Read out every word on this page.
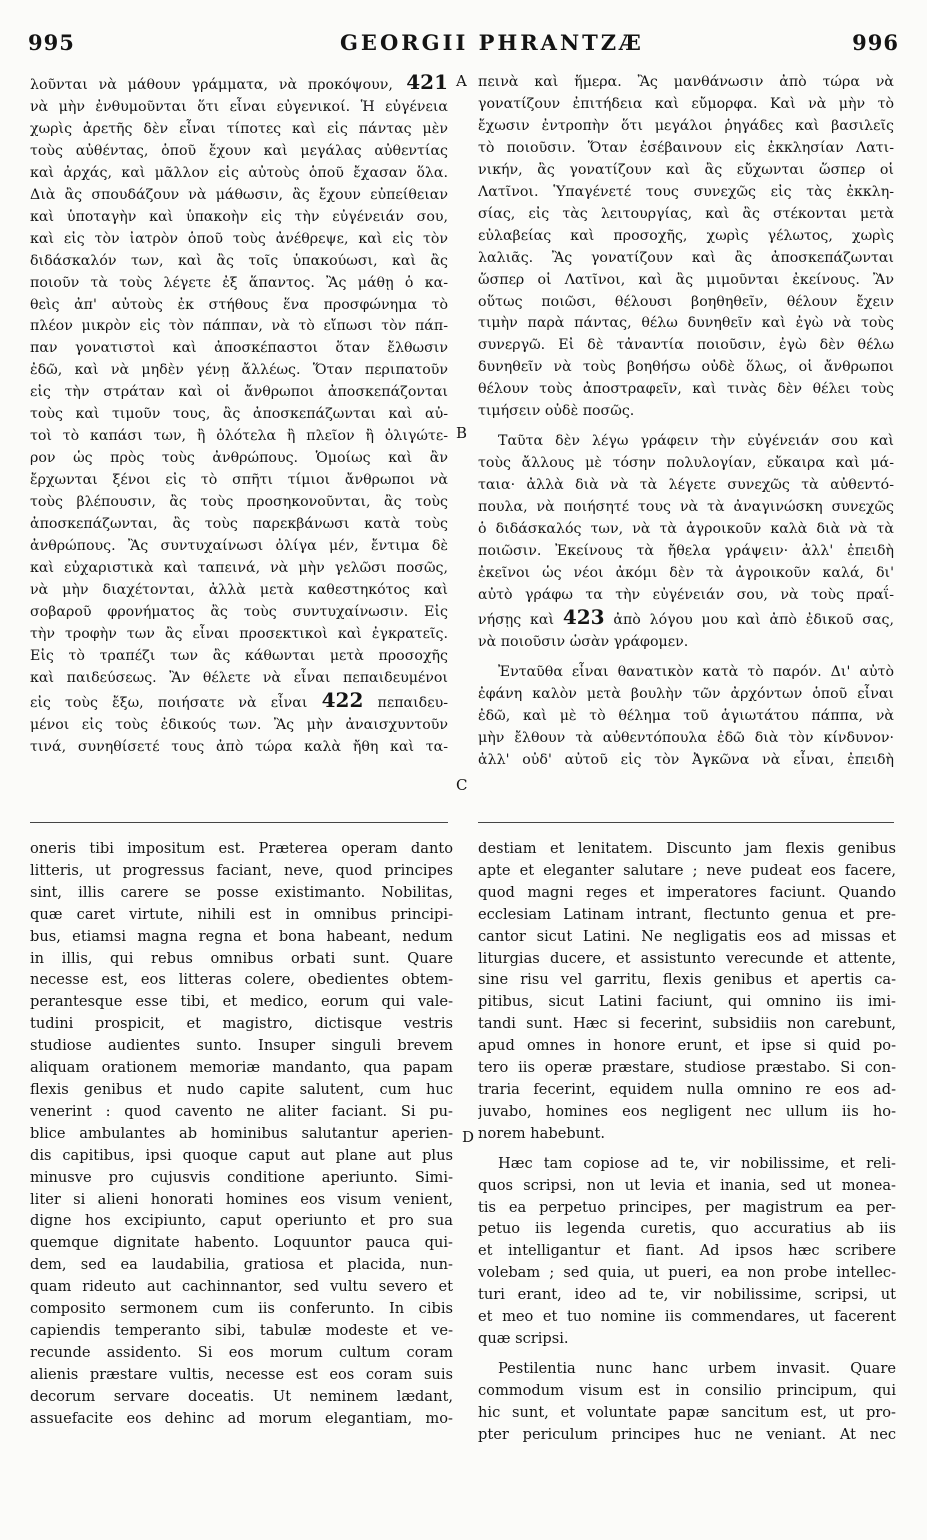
995	GEORGII PHRANTZÆ	996
λοῦνται νὰ μάθουν γράμματα, νὰ προκόψουν, 421
νὰ μὴν ἐνθυμοῦνται ὅτι εἶναι εὐγενικοί. Ἡ εὐγένεια
χωρὶς ἀρετῆς δὲν εἶναι τίποτες καὶ εἰς πάντας μὲν
τοὺς αὐθέντας, ὁποῦ ἔχουν καὶ μεγάλας αὐθεντίας
καὶ ἀρχάς, καὶ μᾶλλον εἰς αὐτοὺς ὁποῦ ἔχασαν ὅλα.
Διὰ ἂς σπουδάζουν νὰ μάθωσιν, ἂς ἔχουν εὐπείθειαν
καὶ ὑποταγὴν καὶ ὑπακοὴν εἰς τὴν εὐγένειάν σου,
καὶ εἰς τὸν ἰατρὸν ὁποῦ τοὺς ἀνέθρεψε, καὶ εἰς τὸν
διδάσκαλόν των, καὶ ἂς τοῖς ὑπακούωσι, καὶ ἂς
ποιοῦν τὰ τοὺς λέγετε ἐξ ἅπαντος. Ἂς μάθῃ ὁ κα-
θεὶς ἀπ' αὐτοὺς ἐκ στήθους ἕνα προσφώνημα τὸ
πλέον μικρὸν εἰς τὸν πάππαν, νὰ τὸ εἴπωσι τὸν πάπ-
παν γονατιστοὶ καὶ ἀποσκέπαστοι ὅταν ἔλθωσιν
ἐδῶ, καὶ νὰ μηδὲν γένῃ ἄλλέως. Ὅταν περιπατοῦν
εἰς τὴν στράταν καὶ οἱ ἄνθρωποι ἀποσκεπάζονται
τοὺς καὶ τιμοῦν τους, ἂς ἀποσκεπάζωνται καὶ αὐ-
τοὶ τὸ καπάσι των, ἢ ὁλότελα ἢ πλεῖον ἢ ὀλιγώτε-
ρον ὡς πρὸς τοὺς ἀνθρώπους. Ὁμοίως καὶ ἂν
ἔρχωνται ξένοι εἰς τὸ σπῆτι τίμιοι ἄνθρωποι νὰ
τοὺς βλέπουσιν, ἂς τοὺς προσηκονοῦνται, ἂς τοὺς
ἀποσκεπάζωνται, ἂς τοὺς παρεκβάνωσι κατὰ τοὺς
ἀνθρώπους. Ἂς συντυχαίνωσι ὀλίγα μέν, ἔντιμα δὲ
καὶ εὐχαριστικὰ καὶ ταπεινά, νὰ μὴν γελῶσι ποσῶς,
νὰ μὴν διαχέτονται, ἀλλὰ μετὰ καθεστηκότος καὶ
σοβαροῦ φρονήματος ἂς τοὺς συντυχαίνωσιν. Εἰς
τὴν τροφὴν των ἂς εἶναι προσεκτικοὶ καὶ ἐγκρατεῖς.
Εἰς τὸ τραπέζι των ἂς κάθωνται μετὰ προσοχῆς
καὶ παιδεύσεως. Ἂν θέλετε νὰ εἶναι πεπαιδευμένοι
εἰς τοὺς ἔξω, ποιήσατε νὰ εἶναι 422 πεπαιδευ-
μένοι εἰς τοὺς ἐδικούς των. Ἂς μὴν ἀναισχυντοῦν
τινά, συνηθίσετέ τους ἀπὸ τώρα καλὰ ἤθη καὶ τα-
πεινὰ καὶ ἥμερα. Ἂς μανθάνωσιν ἀπὸ τώρα νὰ
γονατίζουν ἐπιτήδεια καὶ εὔμορφα. Καὶ νὰ μὴν τὸ
ἔχωσιν ἐντροπὴν ὅτι μεγάλοι ῥηγάδες καὶ βασιλεῖς
τὸ ποιοῦσιν. Ὅταν ἐσέβαινουν εἰς ἐκκλησίαν Λατι-
νικήν, ἂς γονατίζουν καὶ ἂς εὔχωνται ὥσπερ οἱ
Λατῖνοι. Ὑπαγένετέ τους συνεχῶς εἰς τὰς ἐκκλη-
σίας, εἰς τὰς λειτουργίας, καὶ ἂς στέκονται μετὰ
εὐλαβείας καὶ προσοχῆς, χωρὶς γέλωτος, χωρὶς
λαλιᾶς. Ἂς γονατίζουν καὶ ἂς ἀποσκεπάζωνται
ὥσπερ οἱ Λατῖνοι, καὶ ἂς μιμοῦνται ἐκείνους. Ἂν
οὕτως ποιῶσι, θέλουσι βοηθηθεῖν, θέλουν ἔχειν
τιμὴν παρὰ πάντας, θέλω δυνηθεῖν καὶ ἐγὼ νὰ τοὺς
συνεργῶ. Εἰ δὲ τἀναντία ποιοῦσιν, ἐγὼ δὲν θέλω
δυνηθεῖν νὰ τοὺς βοηθήσω οὐδὲ ὅλως, οἱ ἄνθρωποι
θέλουν τοὺς ἀποστραφεῖν, καὶ τινὰς δὲν θέλει τοὺς
τιμήσειν οὐδὲ ποσῶς.
Ταῦτα δὲν λέγω γράφειν τὴν εὐγένειάν σου καὶ
τοὺς ἄλλους μὲ τόσην πολυλογίαν, εὔκαιρα καὶ μά-
ταια· ἀλλὰ διὰ νὰ τὰ λέγετε συνεχῶς τὰ αὐθεντό-
πουλα, νὰ ποιήσητέ τους νὰ τὰ ἀναγινώσκη συνεχῶς
ὁ διδάσκαλός των, νὰ τὰ ἀγροικοῦν καλὰ διὰ νὰ τὰ
ποιῶσιν. Ἐκείνους τὰ ἤθελα γράψειν· ἀλλ' ἐπειδὴ
ἐκεῖνοι ὡς νέοι ἀκόμι δὲν τὰ ἀγροικοῦν καλά, δι'
αὐτὸ γράφω τα τὴν εὐγένειάν σου, νὰ τοὺς πραΐ-
νήσῃς καὶ 423 ἀπὸ λόγου μου καὶ ἀπὸ ἐδικοῦ σας,
νὰ ποιοῦσιν ὡσὰν γράφομεν.
Ἐνταῦθα εἶναι θανατικὸν κατὰ τὸ παρόν. Δι' αὐτὸ
ἐφάνη καλὸν μετὰ βουλὴν τῶν ἀρχόντων ὁποῦ εἶναι
ἐδῶ, καὶ μὲ τὸ θέλημα τοῦ ἁγιωτάτου πάππα, νὰ
μὴν ἔλθουν τὰ αὐθεντόπουλα ἐδῶ διὰ τὸν κίνδυνον·
ἀλλ' οὐδ' αὐτοῦ εἰς τὸν Ἀγκῶνα νὰ εἶναι, ἐπειδὴ
oneris tibi impositum est. Præterea operam danto
litteris, ut progressus faciant, neve, quod principes
sint, illis carere se posse existimanto. Nobilitas,
quæ caret virtute, nihili est in omnibus principi-
bus, etiamsi magna regna et bona habeant, nedum
in illis, qui rebus omnibus orbati sunt. Quare
necesse est, eos litteras colere, obedientes obtem-
perantesque esse tibi, et medico, eorum qui vale-
tudini prospicit, et magistro, dictisque vestris
studiose audientes sunto. Insuper singuli brevem
aliquam orationem memoriæ mandanto, qua papam
flexis genibus et nudo capite salutent, cum huc
venerint : quod cavento ne aliter faciant. Si pu-
blice ambulantes ab hominibus salutantur aperien-
dis capitibus, ipsi quoque caput aut plane aut plus
minusve pro cujusvis conditione aperiunto. Simi-
liter si alieni honorati homines eos visum venient,
digne hos excipiunto, caput operiunto et pro sua
quemque dignitate habento. Loquuntor pauca qui-
dem, sed ea laudabilia, gratiosa et placida, nun-
quam rideuto aut cachinnantor, sed vultu severo et
composito sermonem cum iis conferunto. In cibis
capiendis temperanto sibi, tabulæ modeste et ve-
recunde assidento. Si eos morum cultum coram
alienis præstare vultis, necesse est eos coram suis
decorum servare doceatis. Ut neminem lædant,
assuefacite eos dehinc ad morum elegantiam, mo-
destiam et lenitatem. Discunto jam flexis genibus
apte et eleganter salutare ; neve pudeat eos facere,
quod magni reges et imperatores faciunt. Quando
ecclesiam Latinam intrant, flectunto genua et pre-
cantor sicut Latini. Ne negligatis eos ad missas et
liturgias ducere, et assistunto verecunde et attente,
sine risu vel garritu, flexis genibus et apertis ca-
pitibus, sicut Latini faciunt, qui omnino iis imi-
tandi sunt. Hæc si fecerint, subsidiis non carebunt,
apud omnes in honore erunt, et ipse si quid po-
tero iis operæ præstare, studiose præstabo. Si con-
traria fecerint, equidem nulla omnino re eos ad-
juvabo, homines eos negligent nec ullum iis ho-
norem habebunt.
Hæc tam copiose ad te, vir nobilissime, et reli-
quos scripsi, non ut levia et inania, sed ut monea-
tis ea perpetuo principes, per magistrum ea per-
petuo iis legenda curetis, quo accuratius ab iis
et intelligantur et fiant. Ad ipsos hæc scribere
volebam ; sed quia, ut pueri, ea non probe intellec-
turi erant, ideo ad te, vir nobilissime, scripsi, ut
et meo et tuo nomine iis commendares, ut facerent
quæ scripsi.
Pestilentia nunc hanc urbem invasit. Quare
commodum visum est in consilio principum, qui
hic sunt, et voluntate papæ sancitum est, ut pro-
pter periculum principes huc ne veniant. At nec
A
B
C
D
